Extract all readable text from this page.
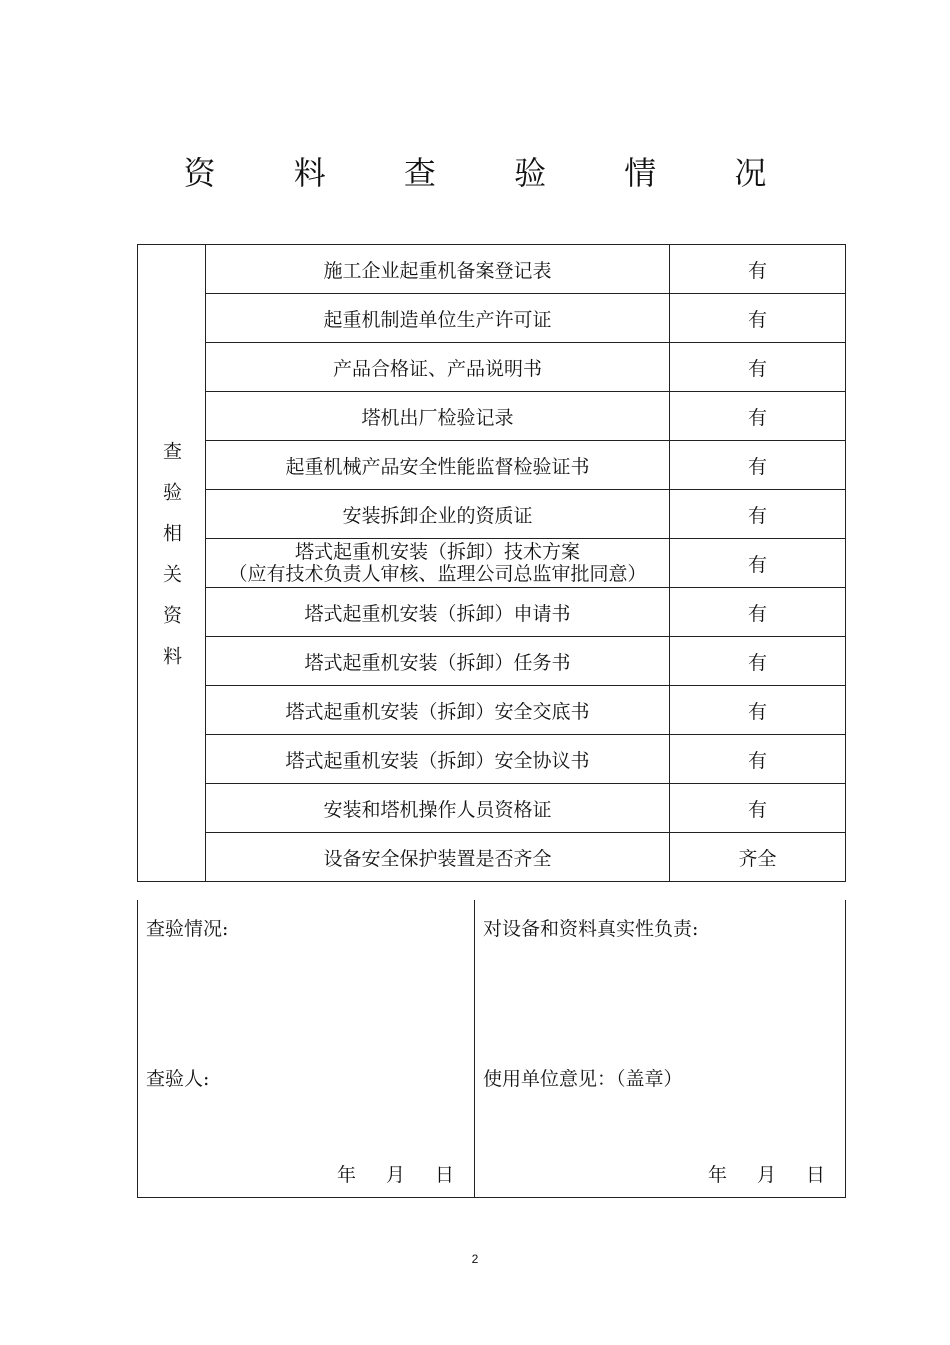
资 料 查 验 情 况
查验相关资料	施工企业起重机备案登记表	有
	起重机制造单位生产许可证	有
	产品合格证、产品说明书	有
	塔机出厂检验记录	有
	起重机械产品安全性能监督检验证书	有
	安装拆卸企业的资质证	有

	塔式起重机安装（拆卸）技术方案
（应有技术负责人审核、监理公司总监审批同意）	有
	塔式起重机安装（拆卸）申请书	有
	塔式起重机安装（拆卸）任务书	有
	塔式起重机安装（拆卸）安全交底书	有
	塔式起重机安装（拆卸）安全协议书	有
	安装和塔机操作人员资格证	有
	设备安全保护装置是否齐全	齐全
查验情况:
查验人:
年 月 日
对设备和资料真实性负责:
使用单位意见：（盖章）
年 月 日
2
